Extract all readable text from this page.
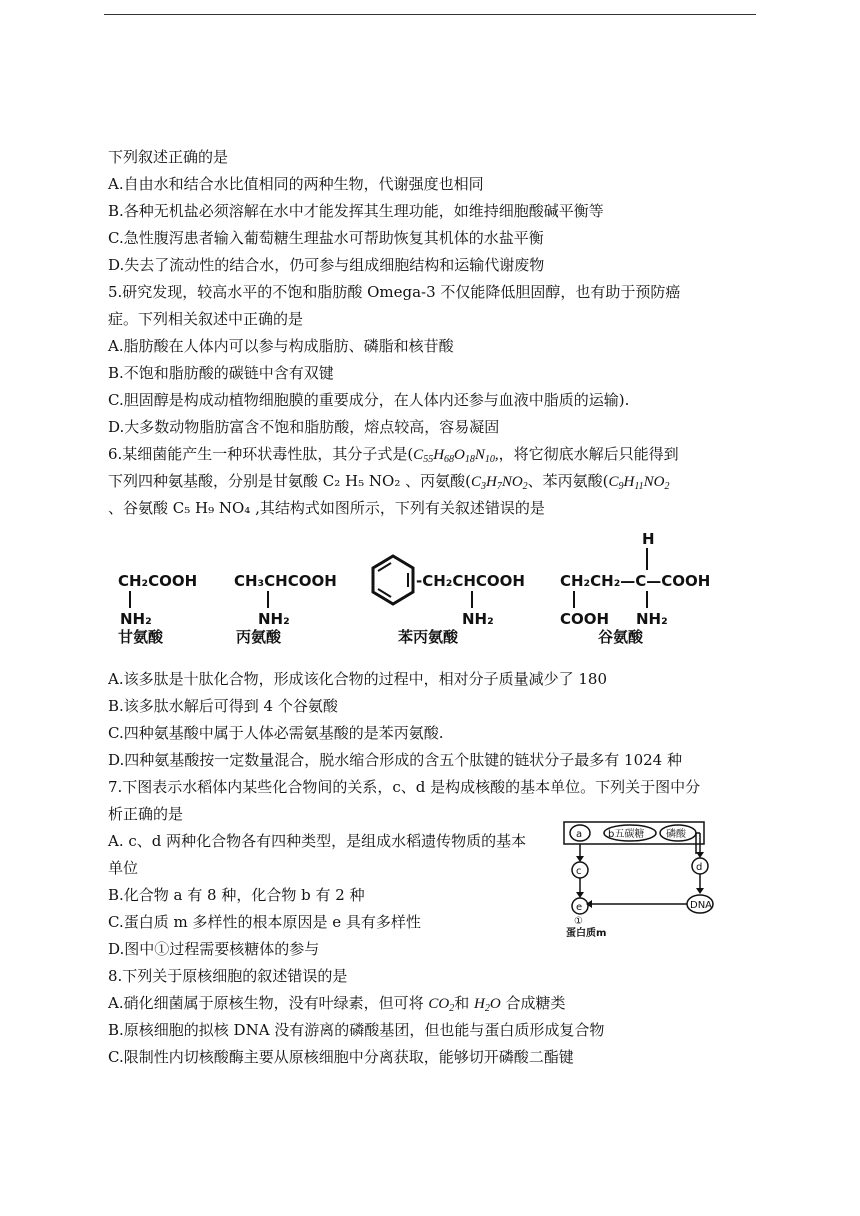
下列叙述正确的是
A.自由水和结合水比值相同的两种生物，代谢强度也相同
B.各种无机盐必须溶解在水中才能发挥其生理功能，如维持细胞酸碱平衡等
C.急性腹泻患者输入葡萄糖生理盐水可帮助恢复其机体的水盐平衡
D.失去了流动性的结合水，仍可参与组成细胞结构和运输代谢废物
5.研究发现，较高水平的不饱和脂肪酸 Omega-3 不仅能降低胆固醇，也有助于预防癌
症。下列相关叙述中正确的是
A.脂肪酸在人体内可以参与构成脂肪、磷脂和核苷酸
B.不饱和脂肪酸的碳链中含有双键
C.胆固醇是构成动植物细胞膜的重要成分，在人体内还参与血液中脂质的运输).
D.大多数动物脂肪富含不饱和脂肪酸，熔点较高，容易凝固
6.某细菌能产生一种环状毒性肽，其分子式是($C_{55}H_{68}O_{18}N_{10}$,，将它彻底水解后只能得到
下列四种氨基酸，分别是甘氨酸 C₂ H₅ NO₂ 、丙氨酸($C_3H_7NO_2$、苯丙氨酸($C_9H_{11}NO_2$
、谷氨酸 C₅ H₉ NO₄ ,其结构式如图所示，下列有关叙述错误的是
CH₂COOH
NH₂
甘氨酸
CH₃CHCOOH
NH₂
丙氨酸
-CH₂CHCOOH
NH₂
苯丙氨酸
H
CH₂CH₂—C—COOH
COOH NH₂
谷氨酸
A.该多肽是十肽化合物，形成该化合物的过程中，相对分子质量减少了 180
B.该多肽水解后可得到 4 个谷氨酸
C.四种氨基酸中属于人体必需氨基酸的是苯丙氨酸.
D.四种氨基酸按一定数量混合，脱水缩合形成的含五个肽键的链状分子最多有 1024 种
7.下图表示水稻体内某些化合物间的关系，c、d 是构成核酸的基本单位。下列关于图中分
析正确的是
A. c、d 两种化合物各有四种类型，是组成水稻遗传物质的基本
单位
B.化合物 a 有 8 种，化合物 b 有 2 种
C.蛋白质 m 多样性的根本原因是 e 具有多样性
D.图中①过程需要核糖体的参与
8.下列关于原核细胞的叙述错误的是
A.硝化细菌属于原核生物，没有叶绿素，但可将 $CO_2$和 $H_2O$ 合成糖类
B.原核细胞的拟核 DNA 没有游离的磷酸基团，但也能与蛋白质形成复合物
C.限制性内切核酸酶主要从原核细胞中分离获取，能够切开磷酸二酯键
a	b五碳糖 磷酸
c	d
e	DNA
①
蛋白质m
